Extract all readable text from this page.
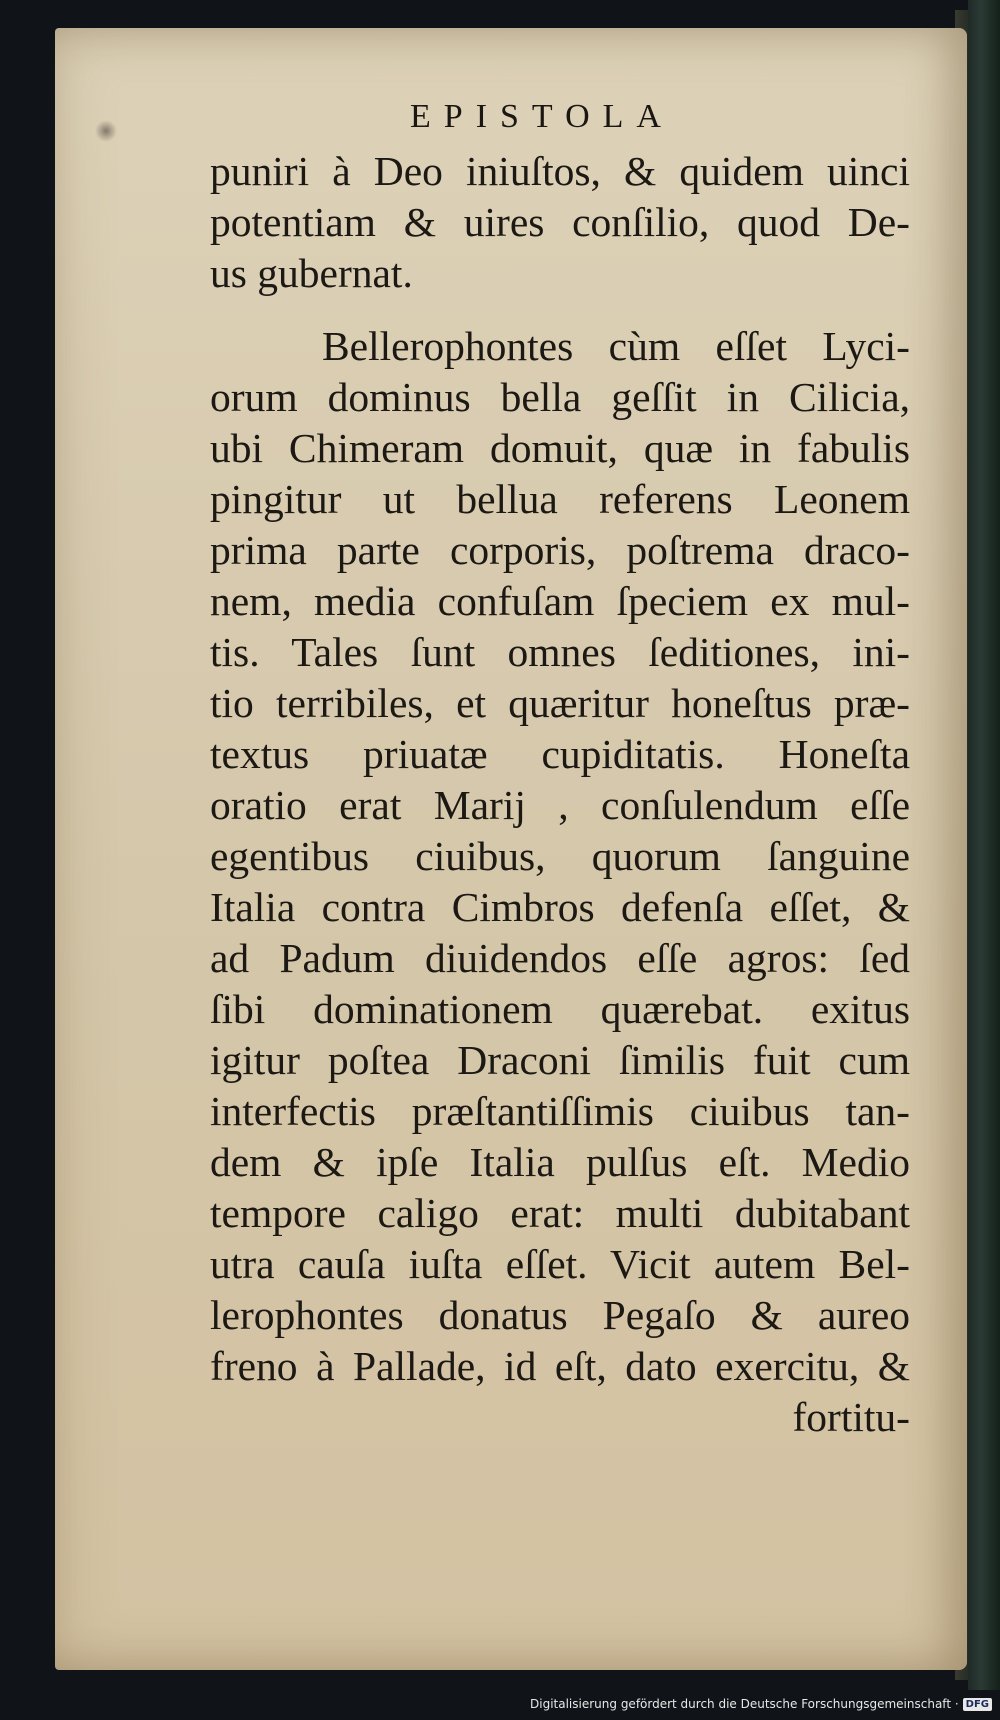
EPISTOLA
puniri à Deo iniuſtos, & quidem uinci
potentiam & uires conſilio, quod De-
us gubernat.
Bellerophontes cùm eſſet Lyci-
orum dominus bella geſſit in Cilicia,
ubi Chimeram domuit, quæ in fabulis
pingitur ut bellua referens Leonem
prima parte corporis, poſtrema draco-
nem, media confuſam ſpeciem ex mul-
tis. Tales ſunt omnes ſeditiones, ini-
tio terribiles, et quæritur honeſtus præ-
textus priuatæ cupiditatis. Honeſta
oratio erat Marij , conſulendum eſſe
egentibus ciuibus, quorum ſanguine
Italia contra Cimbros defenſa eſſet, &
ad Padum diuidendos eſſe agros: ſed
ſibi dominationem quærebat. exitus
igitur poſtea Draconi ſimilis fuit cum
interfectis præſtantiſſimis ciuibus tan-
dem & ipſe Italia pulſus eſt. Medio
tempore caligo erat: multi dubitabant
utra cauſa iuſta eſſet. Vicit autem Bel-
lerophontes donatus Pegaſo & aureo
freno à Pallade, id eſt, dato exercitu, &
fortitu-
Digitalisierung gefördert durch die Deutsche Forschungsgemeinschaft · DFG
